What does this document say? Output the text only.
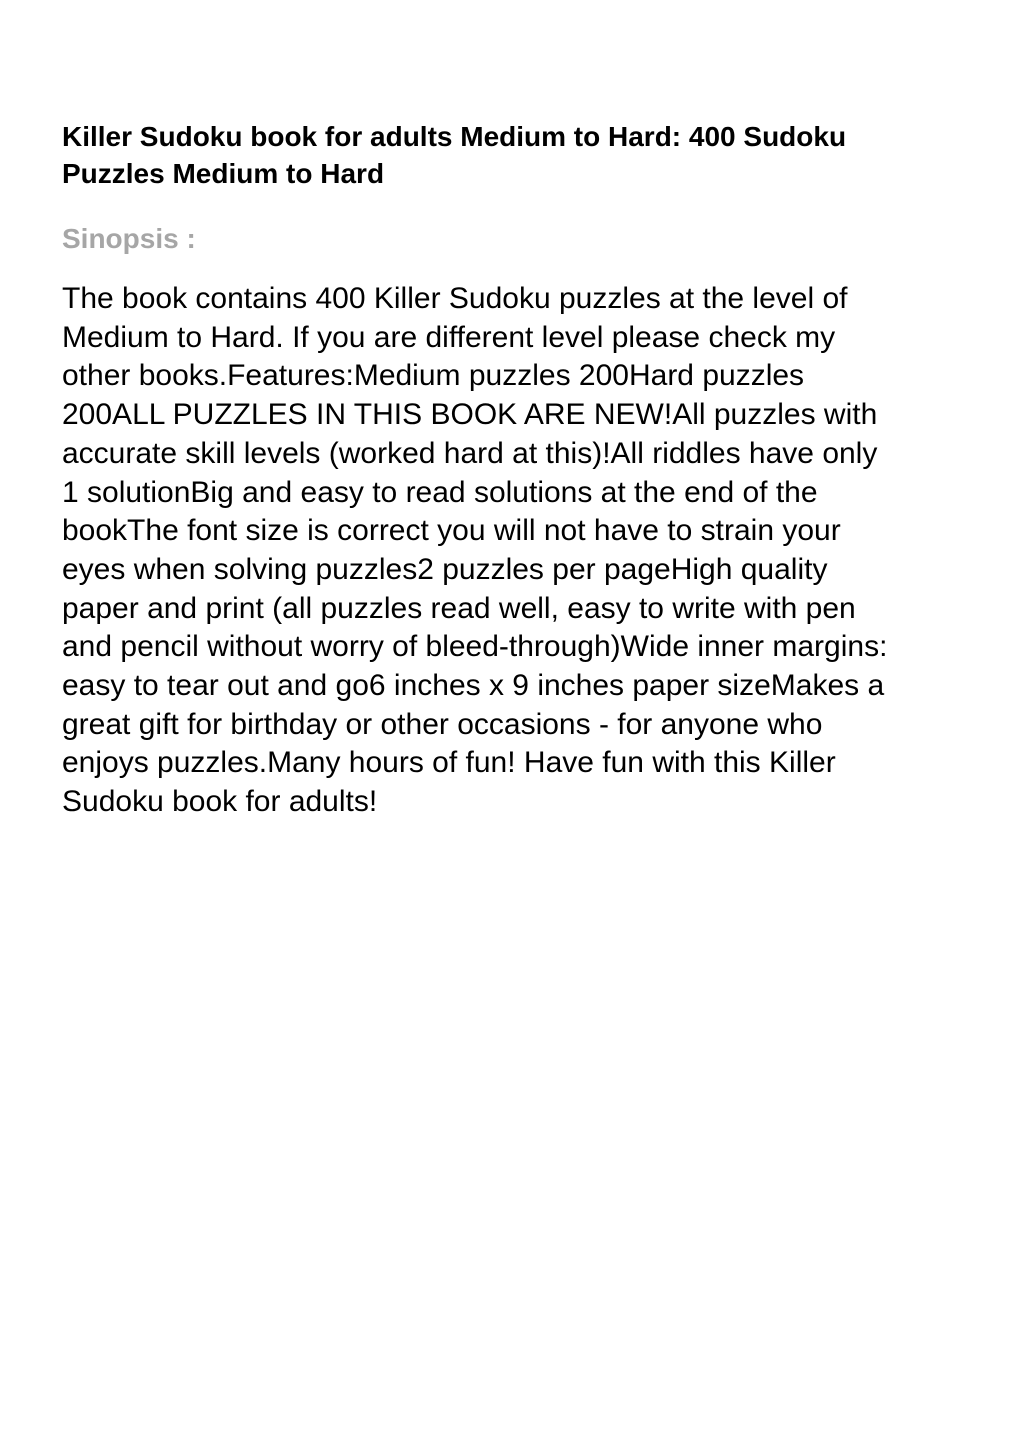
Killer Sudoku book for adults Medium to Hard: 400 Sudoku
Puzzles Medium to Hard
Sinopsis :
The book contains 400 Killer Sudoku puzzles at the level of
Medium to Hard. If you are different level please check my
other books.Features:Medium puzzles 200Hard puzzles
200ALL PUZZLES IN THIS BOOK ARE NEW!All puzzles with
accurate skill levels (worked hard at this)!All riddles have only
1 solutionBig and easy to read solutions at the end of the
bookThe font size is correct you will not have to strain your
eyes when solving puzzles2 puzzles per pageHigh quality
paper and print (all puzzles read well, easy to write with pen
and pencil without worry of bleed-through)Wide inner margins:
easy to tear out and go6 inches x 9 inches paper sizeMakes a
great gift for birthday or other occasions - for anyone who
enjoys puzzles.Many hours of fun! Have fun with this Killer
Sudoku book for adults!
